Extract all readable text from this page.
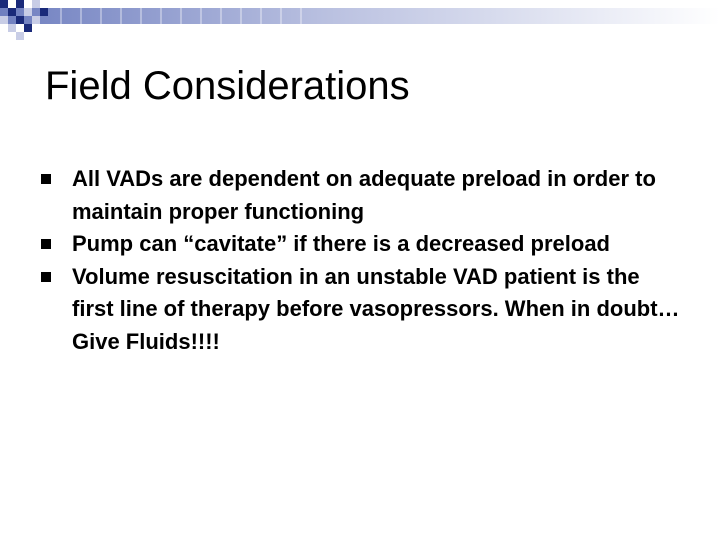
Field Considerations
All VADs are dependent on adequate preload in order to maintain proper functioning
Pump can “cavitate” if there is a decreased preload
Volume resuscitation in an unstable VAD patient is the first line of therapy before vasopressors. When in doubt… Give Fluids!!!!
